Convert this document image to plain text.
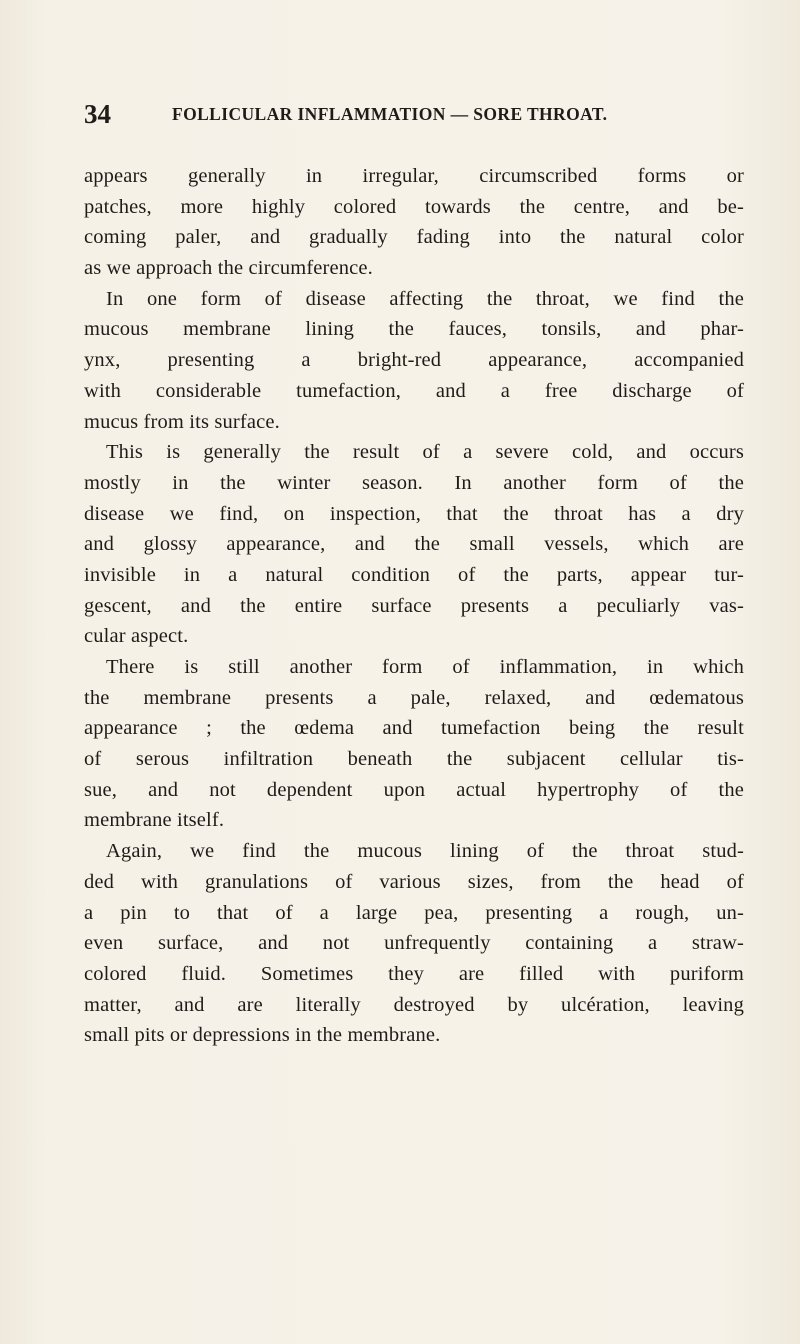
34	FOLLICULAR INFLAMMATION — SORE THROAT.
appears generally in irregular, circumscribed forms or
patches, more highly colored towards the centre, and be-
coming paler, and gradually fading into the natural color
as we approach the circumference.
In one form of disease affecting the throat, we find the
mucous membrane lining the fauces, tonsils, and phar-
ynx, presenting a bright-red appearance, accompanied
with considerable tumefaction, and a free discharge of
mucus from its surface.
This is generally the result of a severe cold, and occurs
mostly in the winter season. In another form of the
disease we find, on inspection, that the throat has a dry
and glossy appearance, and the small vessels, which are
invisible in a natural condition of the parts, appear tur-
gescent, and the entire surface presents a peculiarly vas-
cular aspect.
There is still another form of inflammation, in which
the membrane presents a pale, relaxed, and œdematous
appearance ; the œdema and tumefaction being the result
of serous infiltration beneath the subjacent cellular tis-
sue, and not dependent upon actual hypertrophy of the
membrane itself.
Again, we find the mucous lining of the throat stud-
ded with granulations of various sizes, from the head of
a pin to that of a large pea, presenting a rough, un-
even surface, and not unfrequently containing a straw-
colored fluid. Sometimes they are filled with puriform
matter, and are literally destroyed by ulcération, leaving
small pits or depressions in the membrane.
